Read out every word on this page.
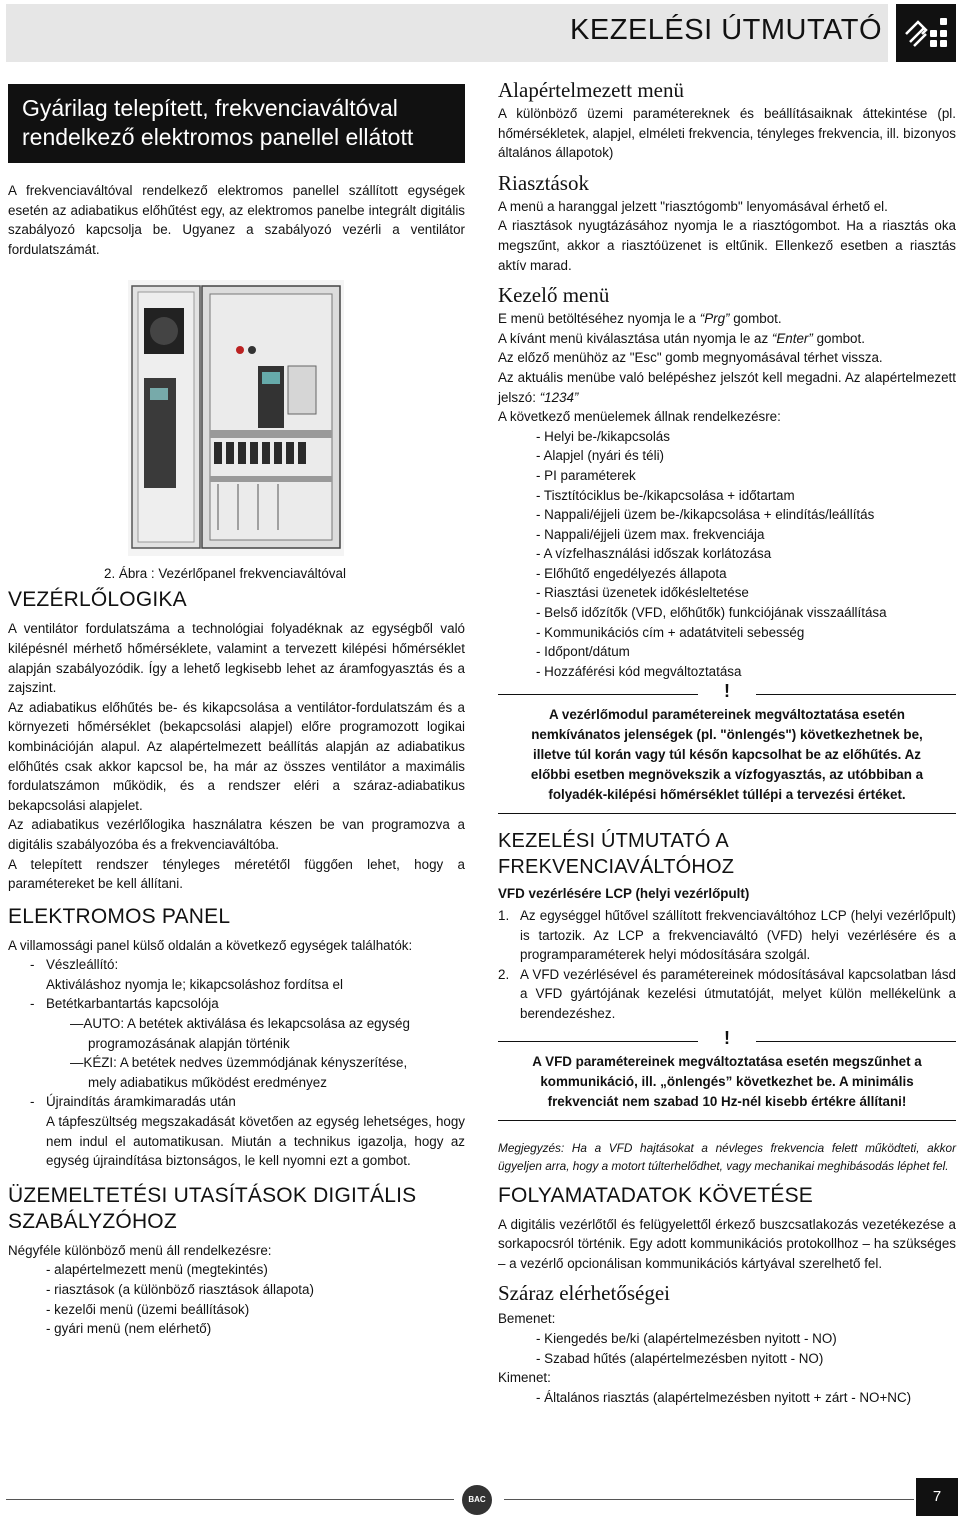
KEZELÉSI ÚTMUTATÓ
Gyárilag telepített, frekvenciaváltóval
rendelkező elektromos panellel ellátott

A frekvenciaváltóval rendelkező elektromos panellel szállított egységek esetén az adiabatikus előhűtést egy, az elektromos panelbe integrált digitális szabályozó kapcsolja be. Ugyanez a szabályozó vezérli a ventilátor fordulatszámát.

VEZÉRLŐLOGIKA

A ventilátor fordulatszáma a technológiai folyadéknak az egységből való kilépésnél mérhető hőmérséklete, valamint a tervezett kilépési hőmérséklet alapján szabályozódik. Így a lehető legkisebb lehet az áramfogyasztás és a zajszint.

Az adiabatikus előhűtés be- és kikapcsolása a ventilátor-fordulatszám és a környezeti hőmérséklet (bekapcsolási alapjel) előre programozott logikai kombinációján alapul. Az alapértelmezett beállítás alapján az adiabatikus előhűtés csak akkor kapcsol be, ha már az összes ventilátor a maximális fordulatszámon működik, és a rendszer eléri a száraz-adiabatikus bekapcsolási alapjelet.

Az adiabatikus vezérlőlogika használatra készen be van programozva a digitális szabályozóba és a frekvenciaváltóba.

A telepített rendszer tényleges méretétől függően lehet, hogy a paramétereket be kell állítani.

ELEKTROMOS PANEL

A villamossági panel külső oldalán a következő egységek találhatók:

- Vészleállító:
Aktiváláshoz nyomja le; kikapcsoláshoz fordítsa el
- Betétkarbantartás kapcsolója
—AUTO: A betétek aktiválása és lekapcsolása az egység
programozásának alapján történik
—KÉZI: A betétek nedves üzemmódjának kényszerítése,
mely adiabatikus működést eredményez
- Újraindítás áramkimaradás után

A tápfeszültség megszakadását követően az egység lehetséges, hogy nem indul el automatikusan. Miután a technikus igazolja, hogy az egység újraindítása biztonságos, le kell nyomni ezt a gombot.

ÜZEMELTETÉSI UTASÍTÁSOK DIGITÁLIS
SZABÁLYZÓHOZ

Négyféle különböző menü áll rendelkezésre:

- alapértelmezett menü (megtekintés)
- riasztások (a különböző riasztások állapota)
- kezelői menü (üzemi beállítások)
- gyári menü (nem elérhető)
2. Ábra : Vezérlőpanel frekvenciaváltóval
Alapértelmezett menü

A különböző üzemi paramétereknek és beállításaiknak áttekintése (pl. hőmérsékletek, alapjel, elméleti frekvencia, tényleges frekvencia, ill. bizonyos általános állapotok)

Riasztások

A menü a haranggal jelzett "riasztógomb" lenyomásával érhető el.

A riasztások nyugtázásához nyomja le a riasztógombot. Ha a riasztás oka megszűnt, akkor a riasztóüzenet is eltűnik. Ellenkező esetben a riasztás aktív marad.

Kezelő menü

E menü betöltéséhez nyomja le a “Prg” gombot.

A kívánt menü kiválasztása után nyomja le az “Enter” gombot.

Az előző menühöz az "Esc" gomb megnyomásával térhet vissza.

Az aktuális menübe való belépéshez jelszót kell megadni. Az alapértelmezett jelszó: “1234”

A következő menüelemek állnak rendelkezésre:

- Helyi be-/kikapcsolás
- Alapjel (nyári és téli)
- PI paraméterek
- Tisztítóciklus be-/kikapcsolása + időtartam
- Nappali/éjjeli üzem be-/kikapcsolása + elindítás/leállítás
- Nappali/éjjeli üzem max. frekvenciája
- A vízfelhasználási időszak korlátozása
- Előhűtő engedélyezés állapota
- Riasztási üzenetek időkésleltetése
- Belső időzítők (VFD, előhűtők) funkciójának visszaállítása
- Kommunikációs cím + adatátviteli sebesség
- Időpont/dátum
- Hozzáférési kód megváltoztatása
!

A vezérlőmodul paramétereinek megváltoztatása esetén nemkívánatos jelenségek (pl. "önlengés") következhetnek be, illetve túl korán vagy túl későn kapcsolhat be az előhűtés. Az előbbi esetben megnövekszik a vízfogyasztás, az utóbbiban a folyadék-kilépési hőmérséklet túllépi a tervezési értéket.

KEZELÉSI ÚTMUTATÓ A FREKVENCIAVÁLTÓHOZ
VFD vezérlésére LCP (helyi vezérlőpult)
1. Az egységgel hűtővel szállított frekvenciaváltóhoz LCP (helyi vezérlőpult) is tartozik. Az LCP a frekvenciaváltó (VFD) helyi vezérlésére és a programparaméterek helyi módosítására szolgál.

2. A VFD vezérlésével és paramétereinek módosításával kapcsolatban lásd a VFD gyártójának kezelési útmutatóját, melyet külön mellékelünk a berendezéshez.

!

A VFD paramétereinek megváltoztatása esetén megszűnhet a kommunikáció, ill. „önlengés” következhet be. A minimális frekvenciát nem szabad 10 Hz-nél kisebb értékre állítani!

Megjegyzés: Ha a VFD hajtásokat a névleges frekvencia felett működteti, akkor ügyeljen arra, hogy a motort túlterhelődhet, vagy mechanikai meghibásodás léphet fel.

FOLYAMATADATOK KÖVETÉSE

A digitális vezérlőtől és felügyelettől érkező buszcsatlakozás vezetékezése a sorkapocsról történik. Egy adott kommunikációs protokollhoz – ha szükséges – a vezérlő opcionálisan kommunikációs kártyával szerelhető fel.

Száraz elérhetőségei
Bemenet:
- Kiengedés be/ki (alapértelmezésben nyitott - NO)
- Szabad hűtés (alapértelmezésben nyitott - NO)
Kimenet:
- Általános riasztás (alapértelmezésben nyitott + zárt - NO+NC)
BAC	7
